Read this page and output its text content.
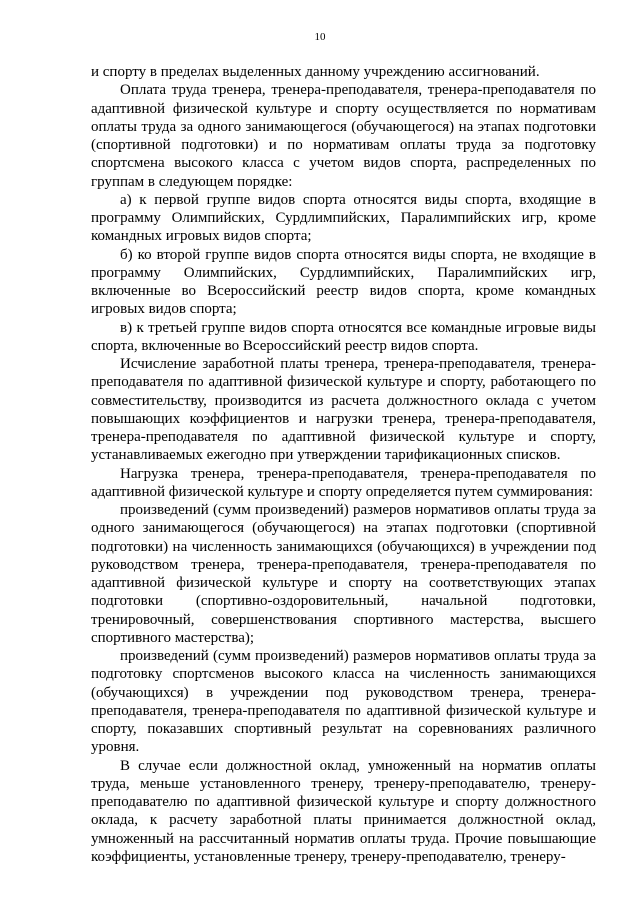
10

и спорту в пределах выделенных данному учреждению ассигнований.

Оплата труда тренера, тренера-преподавателя, тренера-преподавателя по адаптивной физической культуре и спорту осуществляется по нормативам оплаты труда за одного занимающегося (обучающегося) на этапах подготовки (спортивной подготовки) и по нормативам оплаты труда за подготовку спортсмена высокого класса с учетом видов спорта, распределенных по группам в следующем порядке:

а) к первой группе видов спорта относятся виды спорта, входящие в программу Олимпийских, Сурдлимпийских, Паралимпийских игр, кроме командных игровых видов спорта;

б) ко второй группе видов спорта относятся виды спорта, не входящие в программу Олимпийских, Сурдлимпийских, Паралимпийских игр, включенные во Всероссийский реестр видов спорта, кроме командных игровых видов спорта;

в) к третьей группе видов спорта относятся все командные игровые виды спорта, включенные во Всероссийский реестр видов спорта.

Исчисление заработной платы тренера, тренера-преподавателя, тренера-преподавателя по адаптивной физической культуре и спорту, работающего по совместительству, производится из расчета должностного оклада с учетом повышающих коэффициентов и нагрузки тренера, тренера-преподавателя, тренера-преподавателя по адаптивной физической культуре и спорту, устанавливаемых ежегодно при утверждении тарификационных списков.

Нагрузка тренера, тренера-преподавателя, тренера-преподавателя по адаптивной физической культуре и спорту определяется путем суммирования:

произведений (сумм произведений) размеров нормативов оплаты труда за одного занимающегося (обучающегося) на этапах подготовки (спортивной подготовки) на численность занимающихся (обучающихся) в учреждении под руководством тренера, тренера-преподавателя, тренера-преподавателя по адаптивной физической культуре и спорту на соответствующих этапах подготовки (спортивно-оздоровительный, начальной подготовки, тренировочный, совершенствования спортивного мастерства, высшего спортивного мастерства);

произведений (сумм произведений) размеров нормативов оплаты труда за подготовку спортсменов высокого класса на численность занимающихся (обучающихся) в учреждении под руководством тренера, тренера-преподавателя, тренера-преподавателя по адаптивной физической культуре и спорту, показавших спортивный результат на соревнованиях различного уровня.

В случае если должностной оклад, умноженный на норматив оплаты труда, меньше установленного тренеру, тренеру-преподавателю, тренеру-преподавателю по адаптивной физической культуре и спорту должностного оклада, к расчету заработной платы принимается должностной оклад, умноженный на рассчитанный норматив оплаты труда. Прочие повышающие коэффициенты, установленные тренеру, тренеру-преподавателю, тренеру-
